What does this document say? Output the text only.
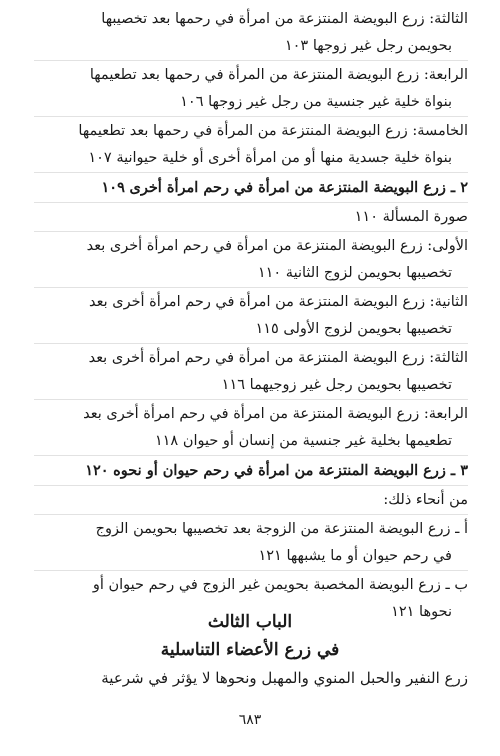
الثالثة: زرع البويضة المنتزعة من امرأة في رحمها بعد تخصيبها
بحويمن رجل غير زوجها ١٠٣
الرابعة: زرع البويضة المنتزعة من المرأة في رحمها بعد تطعيمها
بنواة خلية غير جنسية من رجل غير زوجها ١٠٦
الخامسة: زرع البويضة المنتزعة من المرأة في رحمها بعد تطعيمها
بنواة خلية جسدية منها أو من امرأة أخرى أو خلية حيوانية ١٠٧
٢ ـ زرع البويضة المنتزعة من امرأة في رحم امرأة أخرى ١٠٩
صورة المسألة ١١٠
الأولى: زرع البويضة المنتزعة من امرأة في رحم امرأة أخرى بعد
تخصيبها بحويمن لزوج الثانية ١١٠
الثانية: زرع البويضة المنتزعة من امرأة في رحم امرأة أخرى بعد
تخصيبها بحويمن لزوج الأولى ١١٥
الثالثة: زرع البويضة المنتزعة من امرأة في رحم امرأة أخرى بعد
تخصيبها بحويمن رجل غير زوجيهما ١١٦
الرابعة: زرع البويضة المنتزعة من امرأة في رحم امرأة أخرى بعد
تطعيمها بخلية غير جنسية من إنسان أو حيوان ١١٨
٣ ـ زرع البويضة المنتزعة من امرأة في رحم حيوان أو نحوه ١٢٠
من أنحاء ذلك:
أ ـ زرع البويضة المنتزعة من الزوجة بعد تخصيبها بحويمن الزوج
في رحم حيوان أو ما يشبهها ١٢١
ب ـ زرع البويضة المخصبة بحويمن غير الزوج في رحم حيوان أو
نحوها ١٢١
الباب الثالث
في زرع الأعضاء التناسلية
زرع النفير والحبل المنوي والمهبل ونحوها لا يؤثر في شرعية
٦٨٣
